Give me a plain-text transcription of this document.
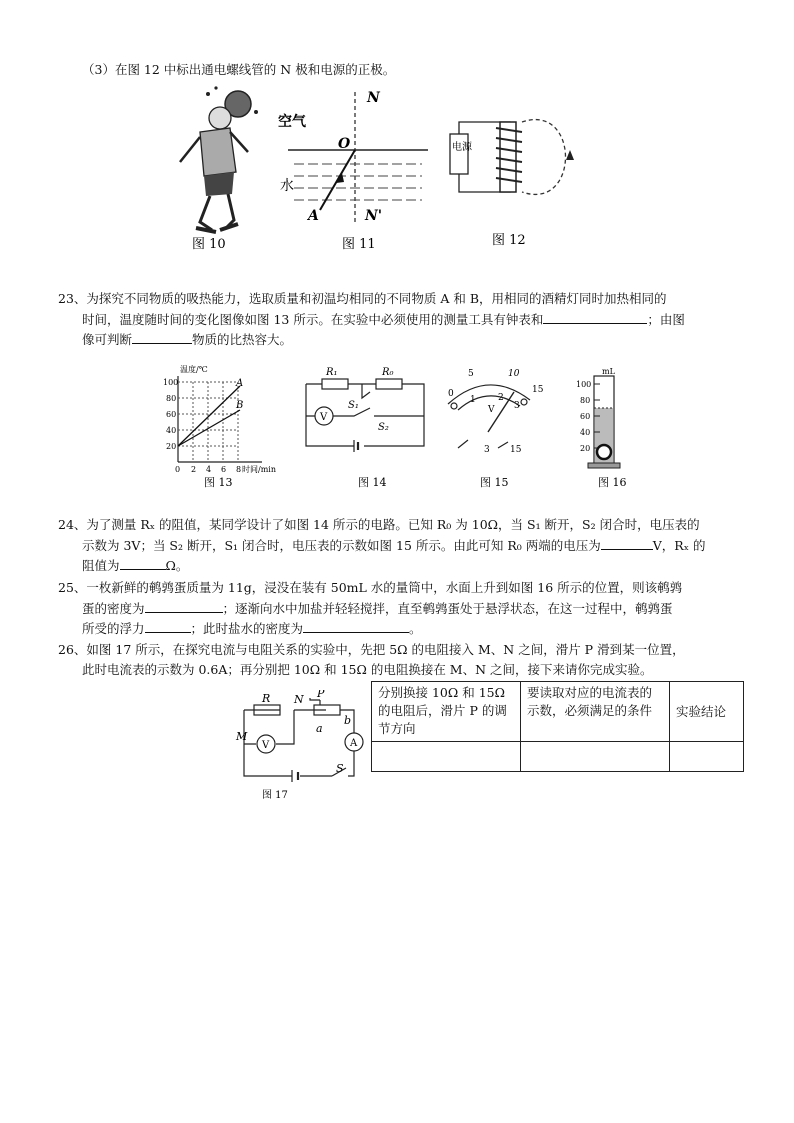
（3）在图 12 中标出通电螺线管的 N 极和电源的正极。
图 10
空气
水
O
A
N
N'
图 11
电源
图 12
23、为探究不同物质的吸热能力，选取质量和初温均相同的不同物质 A 和 B，用相同的酒精灯同时加热相同的
时间，温度随时间的变化图像如图 13 所示。在实验中必须使用的测量工具有钟表和	；由图
像可判断	物质的比热容大。
100
80
60
40
20
0 2 4 6 8
温度/℃
时间/min
A
B
图 13
R₁	R₀
V
S₁
S₂
图 14
5	10
0	15
1 2
3
V
3 15
图 15
mL
100
80
60
40
20
图 16
24、为了测量 Rₓ 的阻值，某同学设计了如图 14 所示的电路。已知 R₀ 为 10Ω，当 S₁ 断开，S₂ 闭合时，电压表的
示数为 3V；当 S₂ 断开，S₁ 闭合时，电压表的示数如图 15 所示。由此可知 R₀ 两端的电压为	V，Rₓ 的
阻值为	Ω。
25、一枚新鲜的鹌鹑蛋质量为 11g，浸没在装有 50mL 水的量筒中，水面上升到如图 16 所示的位置，则该鹌鹑
蛋的密度为	；逐渐向水中加盐并轻轻搅拌，直至鹌鹑蛋处于悬浮状态，在这一过程中，鹌鹑蛋
所受的浮力	；此时盐水的密度为	。
26、如图 17 所示，在探究电流与电阻关系的实验中，先把 5Ω 的电阻接入 M、N 之间，滑片 P 滑到某一位置，
此时电流表的示数为 0.6A；再分别把 10Ω 和 15Ω 的电阻换接在 M、N 之间，接下来请你完成实验。
R N P
M
a
b
S
V	A
图 17
分别换接 10Ω 和 15Ω 的电阻后，滑片 P 的调节方向	要读取对应的电流表的示数，必须满足的条件	实验结论
